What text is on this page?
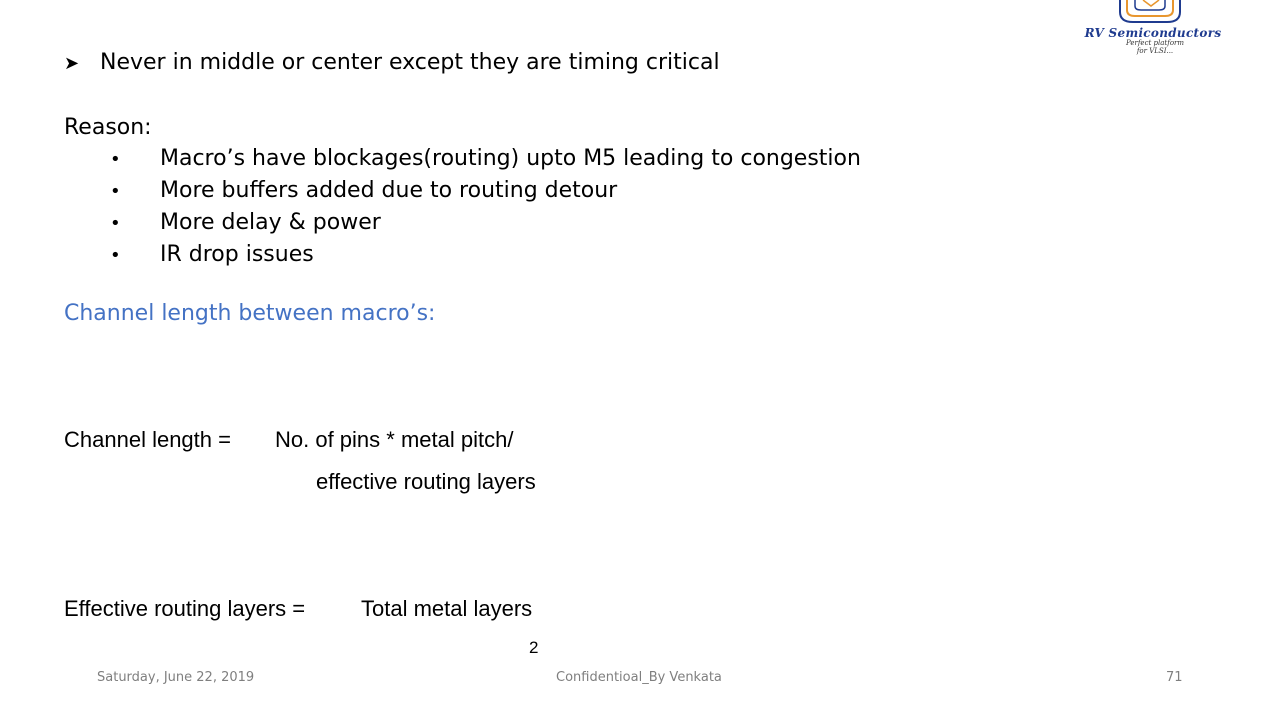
RV Semiconductors
Perfect platform
for VLSI...
➤ Never in middle or center except they are timing critical
Reason:
• Macro’s have blockages(routing) upto M5 leading to congestion
• More buffers added due to routing detour
• More delay & power
• IR drop issues
Channel length between macro’s:
Channel length = No. of pins * metal pitch/
effective routing layers
Effective routing layers =	Total metal layers
2
Saturday, June 22, 2019	Confidentioal_By Venkata	71
